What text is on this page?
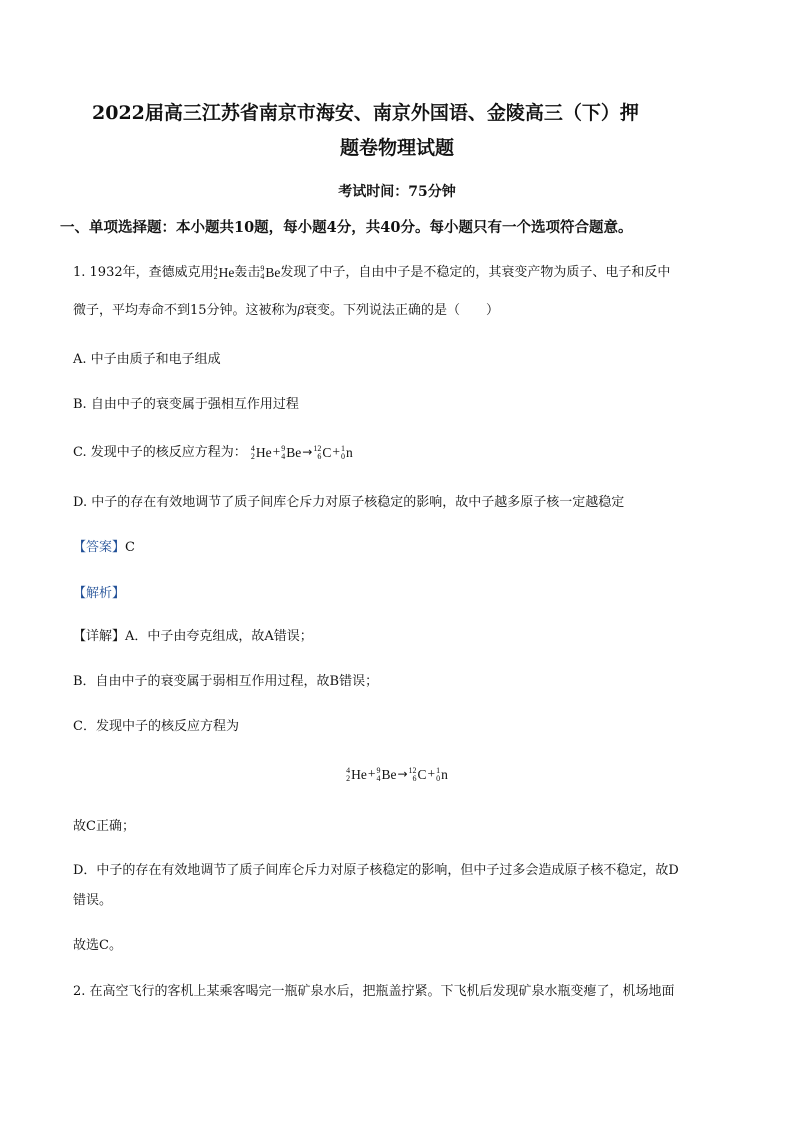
2022届高三江苏省南京市海安、南京外国语、金陵高三（下）押
题卷物理试题
考试时间：75分钟
一、单项选择题：本小题共10题，每小题4分，共40分。每小题只有一个选项符合题意。
1. 1932年，查德威克用 4
2 He轰击 9
4 Be发现了中子，自由中子是不稳定的，其衰变产物为质子、电子和反中
微子，平均寿命不到15分钟。这被称为β衰变。下列说法正确的是（　　）
A. 中子由质子和电子组成
B. 自由中子的衰变属于强相互作用过程
C. 发现中子的核反应方程为： 4
2 He+ 9
4 Be→ 12
6 C+ 1
0 n
D. 中子的存在有效地调节了质子间库仑斥力对原子核稳定的影响，故中子越多原子核一定越稳定
【答案】C
【解析】
【详解】A．中子由夸克组成，故A错误；
B．自由中子的衰变属于弱相互作用过程，故B错误；
C．发现中子的核反应方程为
4
2 He+ 9
4 Be→ 12
6 C+ 1
0 n
故C正确；
D．中子的存在有效地调节了质子间库仑斥力对原子核稳定的影响，但中子过多会造成原子核不稳定，故D
错误。
故选C。
2. 在高空飞行的客机上某乘客喝完一瓶矿泉水后，把瓶盖拧紧。下飞机后发现矿泉水瓶变瘪了，机场地面
